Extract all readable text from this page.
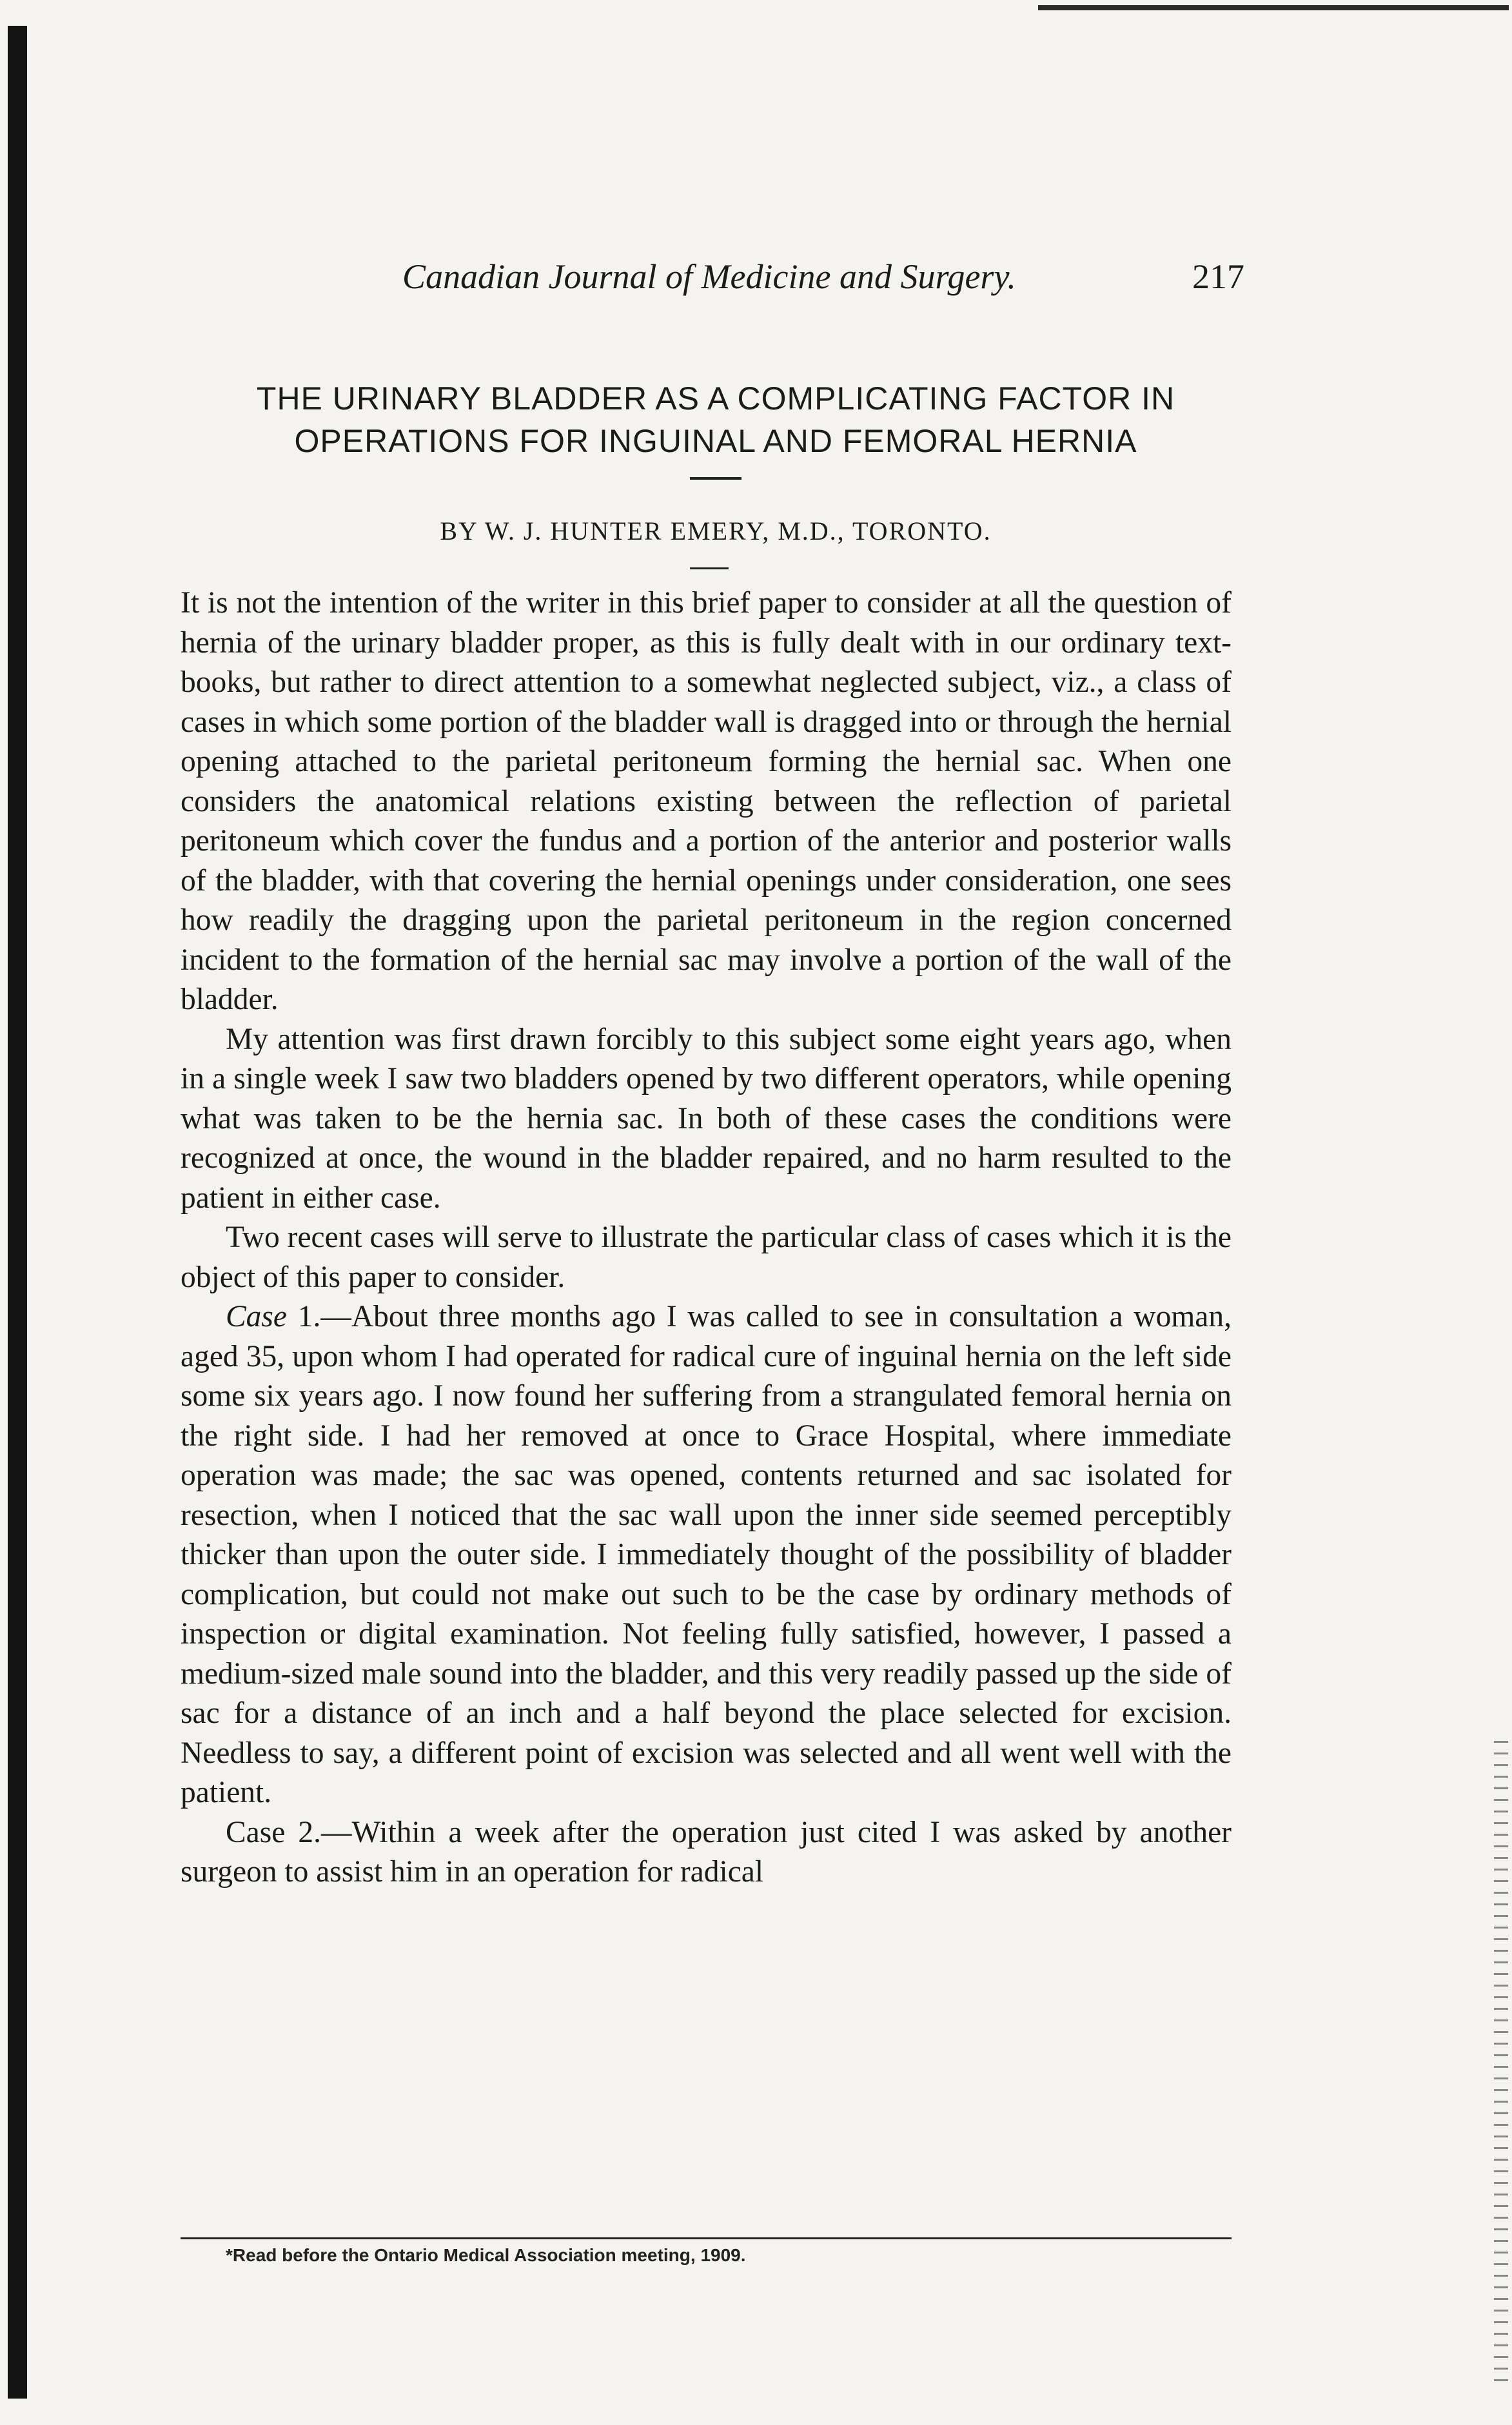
Canadian Journal of Medicine and Surgery.	217
THE URINARY BLADDER AS A COMPLICATING FACTOR IN
OPERATIONS FOR INGUINAL AND FEMORAL HERNIA
BY W. J. HUNTER EMERY, M.D., TORONTO.

It is not the intention of the writer in this brief paper to consider at all the question of hernia of the urinary bladder proper, as this is fully dealt with in our ordinary text-books, but rather to direct attention to a somewhat neglected subject, viz., a class of cases in which some portion of the bladder wall is dragged into or through the hernial opening attached to the parietal peritoneum forming the hernial sac. When one considers the anatomical relations existing between the reflection of parietal peritoneum which cover the fundus and a portion of the anterior and posterior walls of the bladder, with that covering the hernial openings under consideration, one sees how readily the dragging upon the parietal peritoneum in the region concerned incident to the formation of the hernial sac may involve a portion of the wall of the bladder.

My attention was first drawn forcibly to this subject some eight years ago, when in a single week I saw two bladders opened by two different operators, while opening what was taken to be the hernia sac. In both of these cases the conditions were recognized at once, the wound in the bladder repaired, and no harm resulted to the patient in either case.

Two recent cases will serve to illustrate the particular class of cases which it is the object of this paper to consider.

Case 1.—About three months ago I was called to see in consultation a woman, aged 35, upon whom I had operated for radical cure of inguinal hernia on the left side some six years ago. I now found her suffering from a strangulated femoral hernia on the right side. I had her removed at once to Grace Hospital, where immediate operation was made; the sac was opened, contents returned and sac isolated for resection, when I noticed that the sac wall upon the inner side seemed perceptibly thicker than upon the outer side. I immediately thought of the possibility of bladder complication, but could not make out such to be the case by ordinary methods of inspection or digital examination. Not feeling fully satisfied, however, I passed a medium-sized male sound into the bladder, and this very readily passed up the side of sac for a distance of an inch and a half beyond the place selected for excision. Needless to say, a different point of excision was selected and all went well with the patient.

Case 2.—Within a week after the operation just cited I was asked by another surgeon to assist him in an operation for radical

*Read before the Ontario Medical Association meeting, 1909.
